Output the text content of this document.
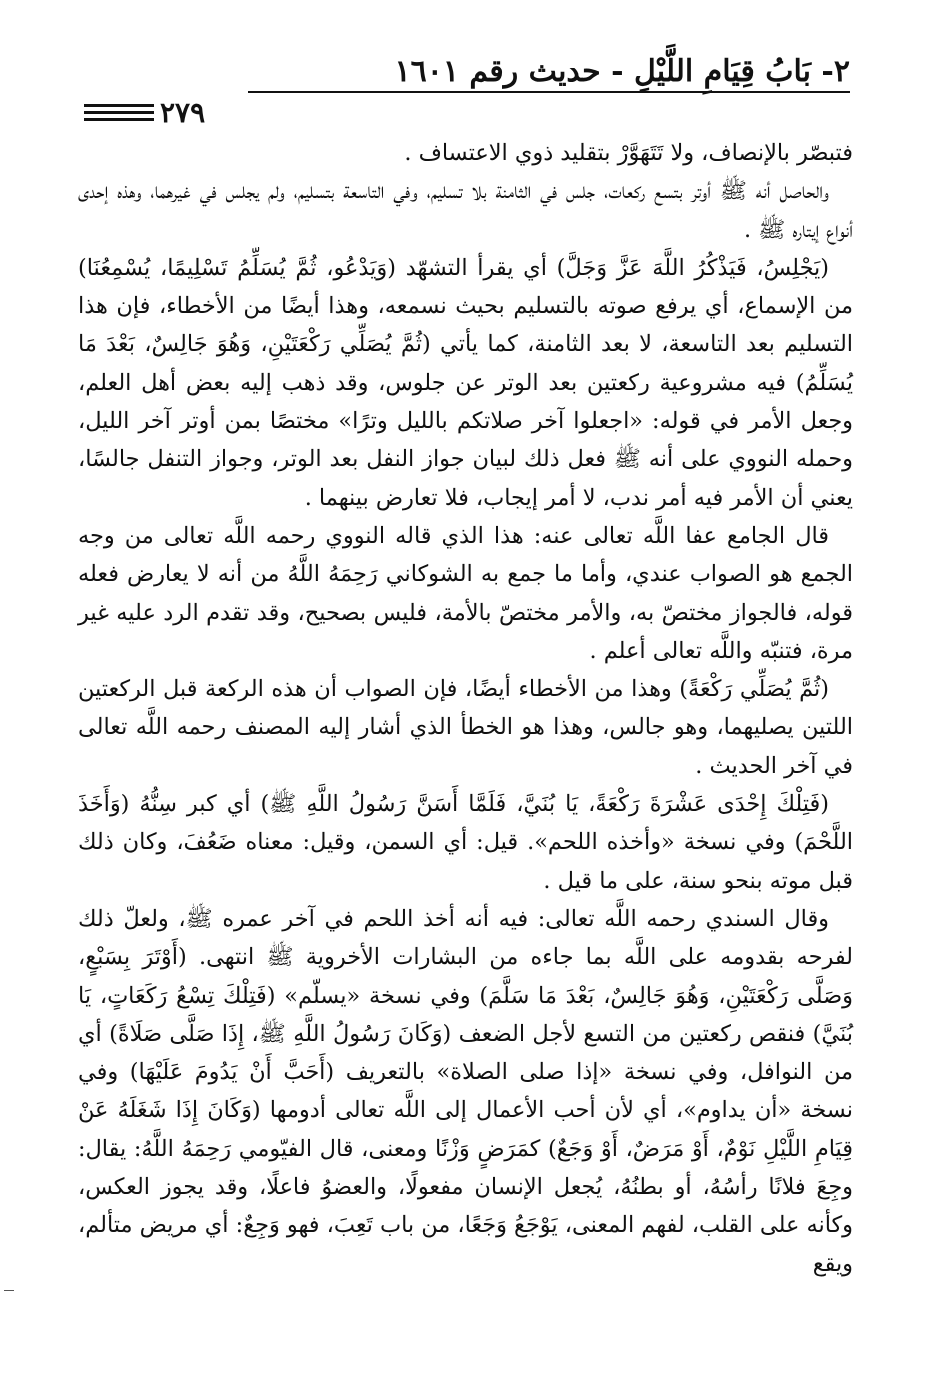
٢- بَابُ قِيَامِ اللَّيْلِ - حديث رقم ١٦٠١
٢٧٩

فتبصّر بالإنصاف، ولا تَتَهَوَّرْ بتقليد ذوي الاعتساف .

والحاصل أنه ﷺ أوتر بتسع ركعات، جلس في الثامنة بلا تسليم، وفي التاسعة بتسليم، ولم يجلس في غيرهما، وهذه إحدى أنواع إيتاره ﷺ .

(يَجْلِسُ، فَيَذْكُرُ اللَّهَ عَزَّ وَجَلَّ) أي يقرأ التشهّد (وَيَدْعُو، ثُمَّ يُسَلِّمُ تَسْلِيمًا، يُسْمِعُنَا) من الإسماع، أي يرفع صوته بالتسليم بحيث نسمعه، وهذا أيضًا من الأخطاء، فإن هذا التسليم بعد التاسعة، لا بعد الثامنة، كما يأتي (ثُمَّ يُصَلِّي رَكْعَتَيْنِ، وَهُوَ جَالِسٌ، بَعْدَ مَا يُسَلِّمُ) فيه مشروعية ركعتين بعد الوتر عن جلوس، وقد ذهب إليه بعض أهل العلم، وجعل الأمر في قوله: «اجعلوا آخر صلاتكم بالليل وترًا» مختصًا بمن أوتر آخر الليل، وحمله النووي على أنه ﷺ فعل ذلك لبيان جواز النفل بعد الوتر، وجواز التنفل جالسًا، يعني أن الأمر فيه أمر ندب، لا أمر إيجاب، فلا تعارض بينهما .

قال الجامع عفا اللَّه تعالى عنه: هذا الذي قاله النووي رحمه اللَّه تعالى من وجه الجمع هو الصواب عندي، وأما ما جمع به الشوكاني رَحِمَهُ اللَّهُ من أنه لا يعارض فعله قوله، فالجواز مختصّ به، والأمر مختصّ بالأمة، فليس بصحيح، وقد تقدم الرد عليه غير مرة، فتنبّه واللَّه تعالى أعلم .

(ثُمَّ يُصَلِّي رَكْعَةً) وهذا من الأخطاء أيضًا، فإن الصواب أن هذه الركعة قبل الركعتين اللتين يصليهما، وهو جالس، وهذا هو الخطأ الذي أشار إليه المصنف رحمه اللَّه تعالى في آخر الحديث .

(فَتِلْكَ إِحْدَى عَشْرَةَ رَكْعَةً، يَا بُنَيَّ، فَلَمَّا أَسَنَّ رَسُولُ اللَّهِ ﷺ) أي كبر سِنُّهُ (وَأَخَذَ اللَّحْمَ) وفي نسخة «وأخذه اللحم». قيل: أي السمن، وقيل: معناه ضَعُفَ، وكان ذلك قبل موته بنحو سنة، على ما قيل .

وقال السندي رحمه اللَّه تعالى: فيه أنه أخذ اللحم في آخر عمره ﷺ، ولعلّ ذلك لفرحه بقدومه على اللَّه بما جاءه من البشارات الأخروية ﷺ انتهى. (أَوْتَرَ بِسَبْعٍ، وَصَلَّى رَكْعَتَيْنِ، وَهُوَ جَالِسٌ، بَعْدَ مَا سَلَّمَ) وفي نسخة «يسلّم» (فَتِلْكَ تِسْعُ رَكَعَاتٍ، يَا بُنَيَّ) فنقص ركعتين من التسع لأجل الضعف (وَكَانَ رَسُولُ اللَّهِ ﷺ، إِذَا صَلَّى صَلَاةً) أي من النوافل، وفي نسخة «إذا صلى الصلاة» بالتعريف (أَحَبَّ أَنْ يَدُومَ عَلَيْهَا) وفي نسخة «أن يداوم»، أي لأن أحب الأعمال إلى اللَّه تعالى أدومها (وَكَانَ إِذَا شَغَلَهُ عَنْ قِيَامِ اللَّيْلِ نَوْمٌ، أَوْ مَرَضٌ، أَوْ وَجَعٌ) كمَرَضٍ وَزْنًا ومعنى، قال الفيّومي رَحِمَهُ اللَّهُ: يقال: وجِعَ فلانًا رأسُهُ، أو بطنُهُ، يُجعل الإنسان مفعولًا، والعضوُ فاعلًا، وقد يجوز العكس، وكأنه على القلب، لفهم المعنى، يَوْجَعُ وَجَعًا، من باب تَعِبَ، فهو وَجِعٌ: أي مريض متألم، ويقع
